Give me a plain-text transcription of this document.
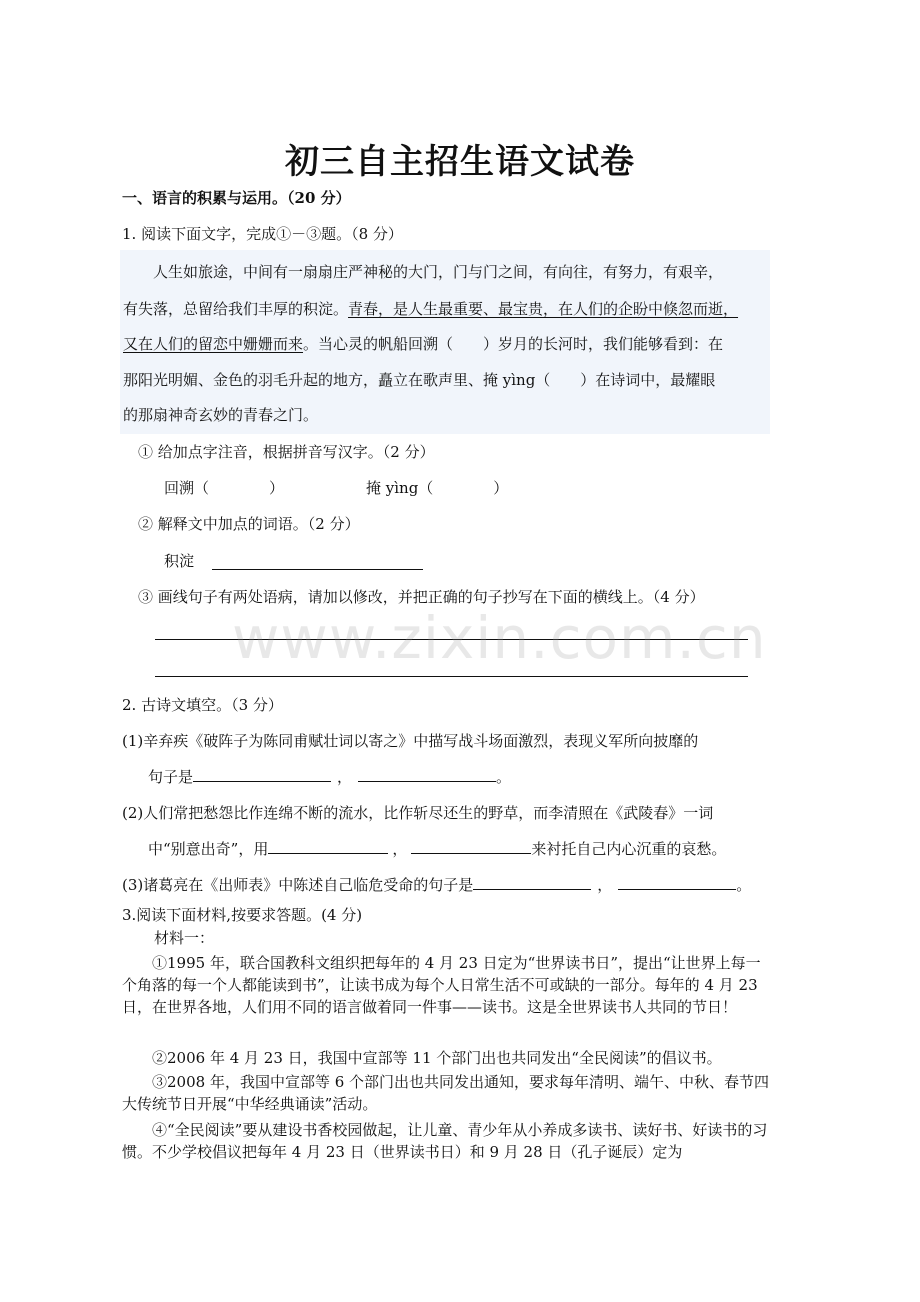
初三自主招生语文试卷
一、语言的积累与运用。（20 分）
1. 阅读下面文字，完成①－③题。（8 分）
人生如旅途，中间有一扇扇庄严神秘的大门，门与门之间，有向往，有努力，有艰辛，
有失落，总留给我们丰厚的积淀。青春，是人生最重要、最宝贵，在人们的企盼中倏忽而逝，
又在人们的留恋中姗姗而来。当心灵的帆船回溯（　　）岁月的长河时，我们能够看到：在
那阳光明媚、金色的羽毛升起的地方，矗立在歌声里、掩 yìng（　　）在诗词中，最耀眼
的那扇神奇玄妙的青春之门。
① 给加点字注音，根据拼音写汉字。（2 分）
回溯（　　　　）	掩 yìng（　　　　）
② 解释文中加点的词语。（2 分）
积淀
③ 画线句子有两处语病，请加以修改，并把正确的句子抄写在下面的横线上。（4 分）
2. 古诗文填空。（3 分）
(1)辛弃疾《破阵子为陈同甫赋壮词以寄之》中描写战斗场面激烈，表现义军所向披靡的
句子是	，	。
(2)人们常把愁怨比作连绵不断的流水，比作斩尽还生的野草，而李清照在《武陵春》一词
中“别意出奇”，用	，	来衬托自己内心沉重的哀愁。
(3)诸葛亮在《出师表》中陈述自己临危受命的句子是	，	。
3.阅读下面材料,按要求答题。(4 分)
材料一：
①1995 年，联合国教科文组织把每年的 4 月 23 日定为“世界读书日”，提出“让世界上每一个角落的每一个人都能读到书”，让读书成为每个人日常生活不可或缺的一部分。每年的 4 月 23 日，在世界各地，人们用不同的语言做着同一件事——读书。这是全世界读书人共同的节日！
②2006 年 4 月 23 日，我国中宣部等 11 个部门出也共同发出“全民阅读”的倡议书。
③2008 年，我国中宣部等 6 个部门出也共同发出通知，要求每年清明、端午、中秋、春节四大传统节日开展“中华经典诵读”活动。
④“全民阅读”要从建设书香校园做起，让儿童、青少年从小养成多读书、读好书、好读书的习惯。不少学校倡议把每年 4 月 23 日（世界读书日）和 9 月 28 日（孔子诞辰）定为
www.zixin.com.cn
